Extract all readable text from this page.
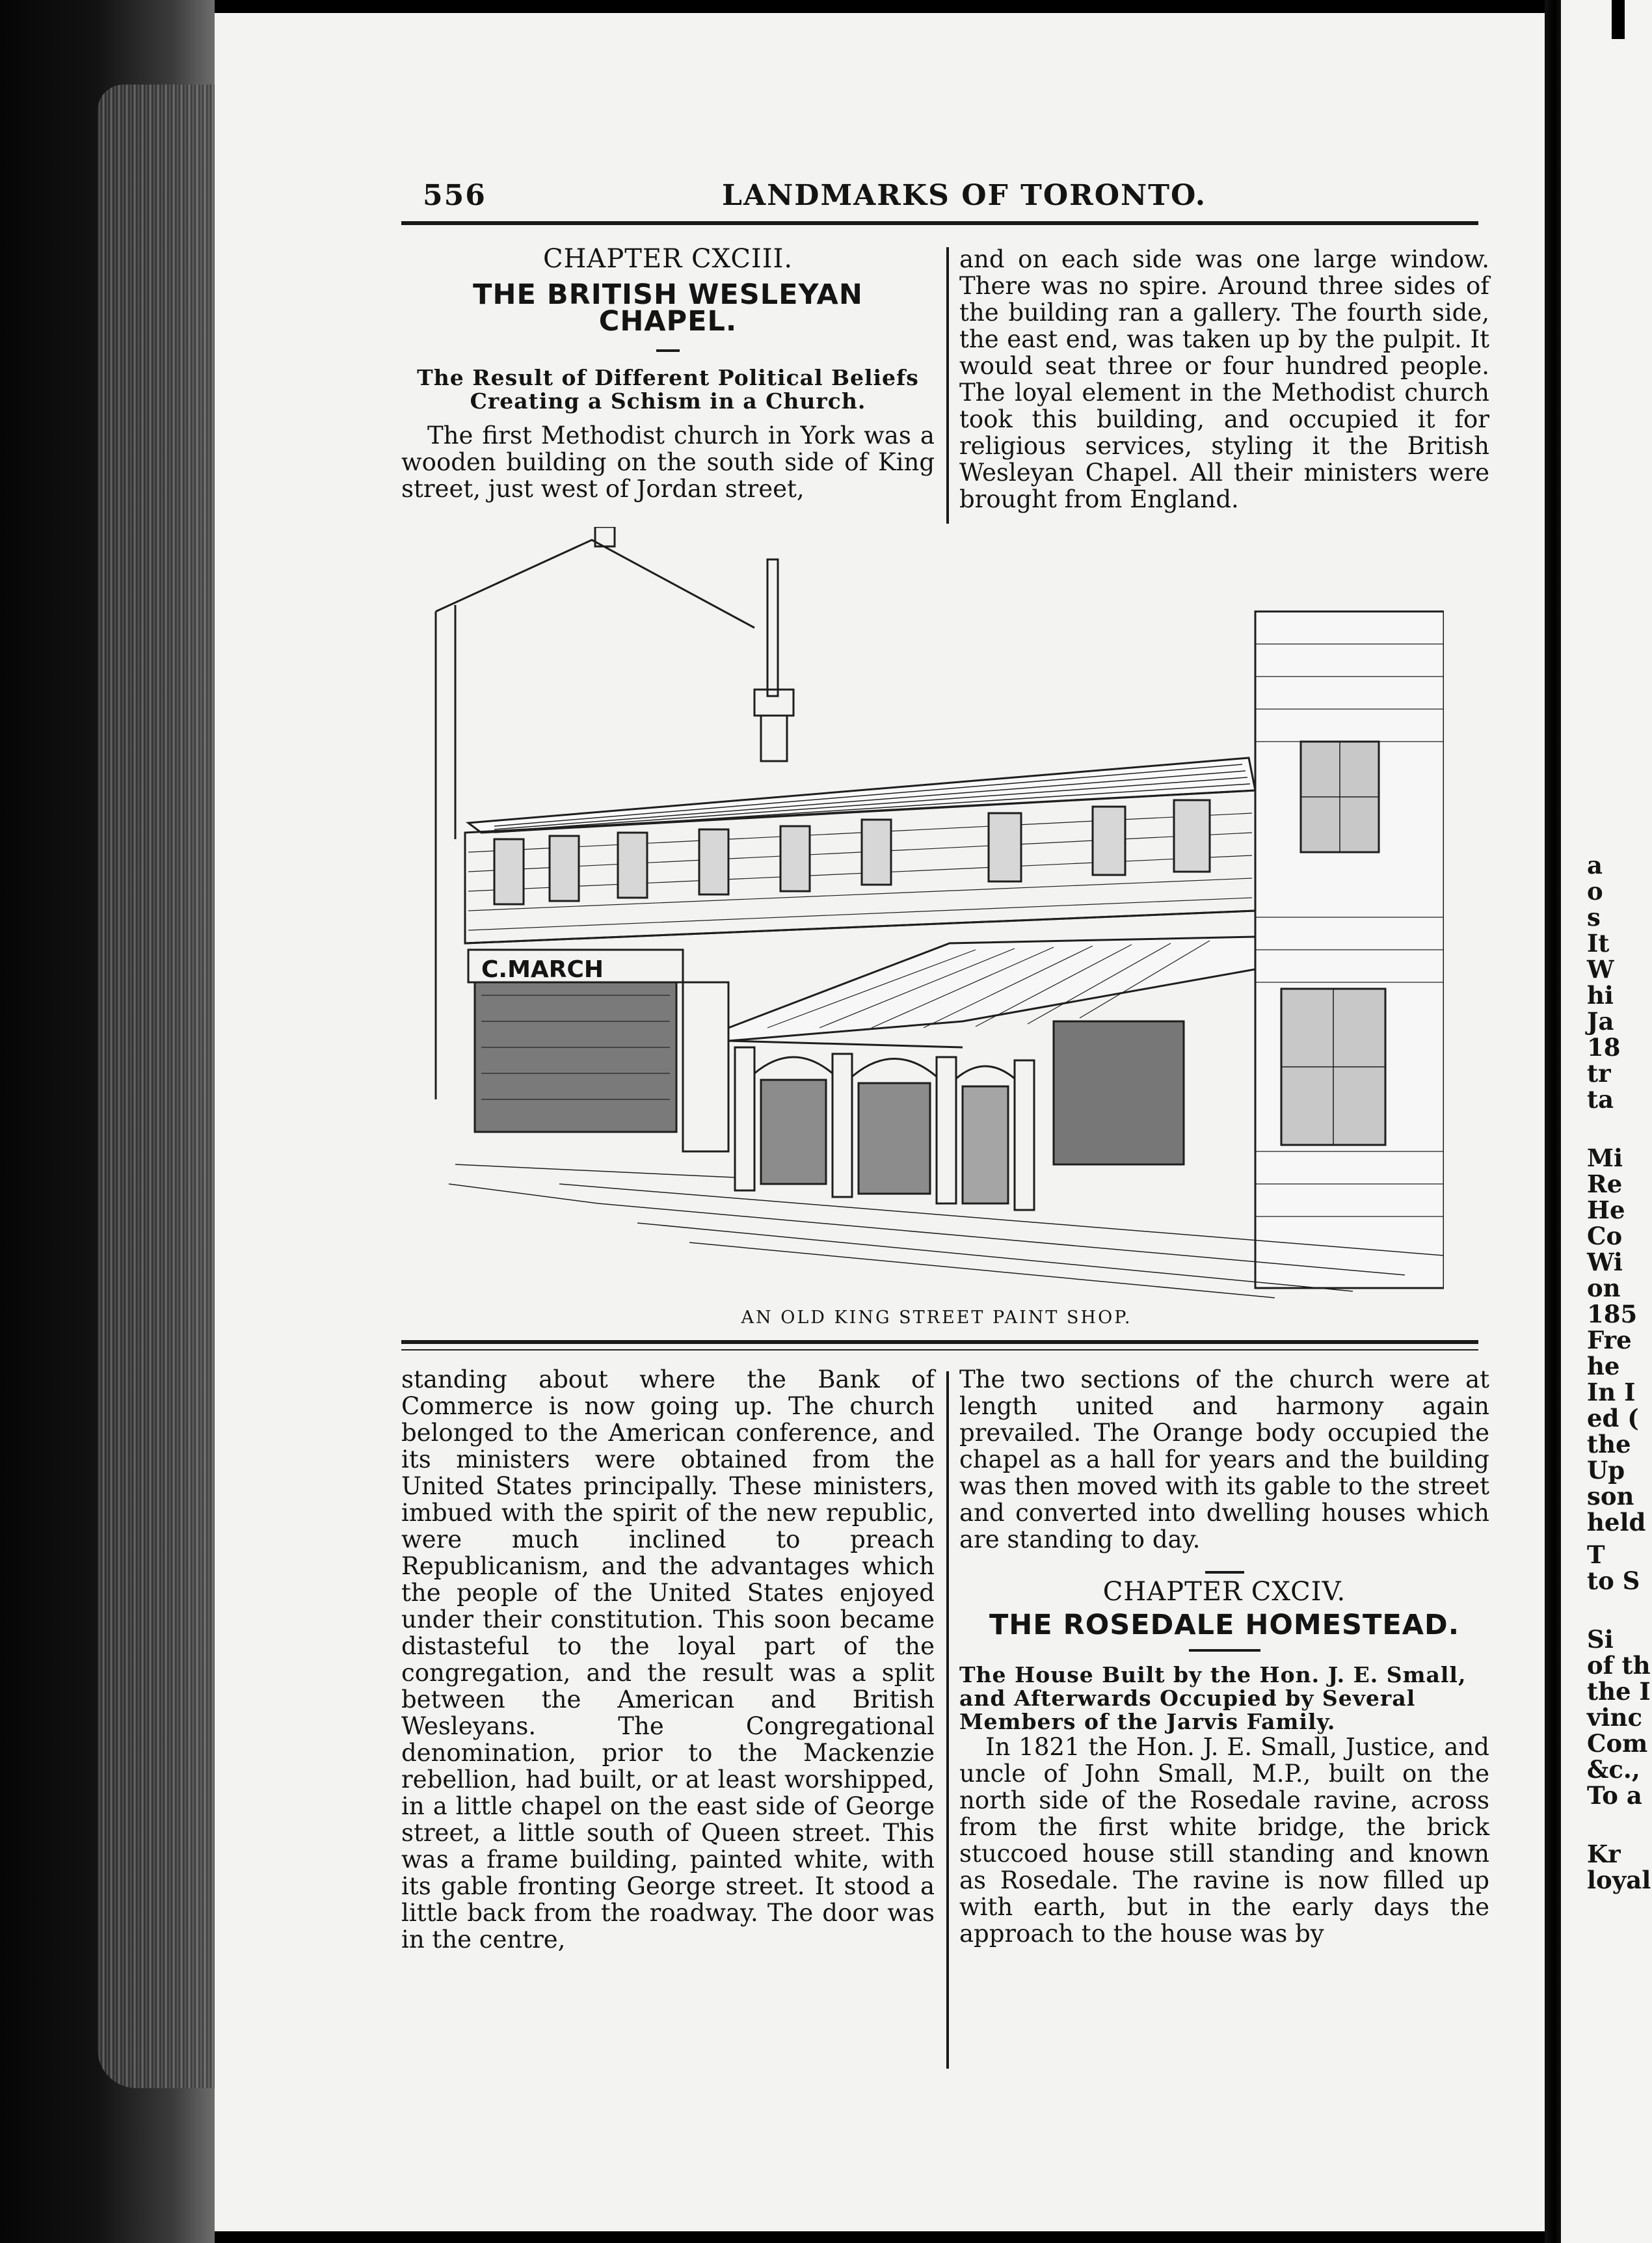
556	LANDMARKS OF TORONTO.
CHAPTER CXCIII.
THE BRITISH WESLEYAN CHAPEL.
The Result of Different Political Beliefs Creating a Schism in a Church.

The first Methodist church in York was a wooden building on the south side of King street, just west of Jordan street,

and on each side was one large window. There was no spire. Around three sides of the building ran a gallery. The fourth side, the east end, was taken up by the pulpit. It would seat three or four hundred people. The loyal element in the Methodist church took this building, and occupied it for religious services, styling it the British Wesleyan Chapel. All their ministers were brought from England.

C.MARCH
AN OLD KING STREET PAINT SHOP.

standing about where the Bank of Commerce is now going up. The church belonged to the American conference, and its ministers were obtained from the United States principally. These ministers, imbued with the spirit of the new republic, were much inclined to preach Republicanism, and the advantages which the people of the United States enjoyed under their constitution. This soon became distasteful to the loyal part of the congregation, and the result was a split between the American and British Wesleyans. The Congregational denomination, prior to the Mackenzie rebellion, had built, or at least worshipped, in a little chapel on the east side of George street, a little south of Queen street. This was a frame building, painted white, with its gable fronting George street. It stood a little back from the roadway. The door was in the centre,

The two sections of the church were at length united and harmony again prevailed. The Orange body occupied the chapel as a hall for years and the building was then moved with its gable to the street and converted into dwelling houses which are standing to day.

CHAPTER CXCIV.
THE ROSEDALE HOMESTEAD.
The House Built by the Hon. J. E. Small, and Afterwards Occupied by Several Members of the Jarvis Family.

In 1821 the Hon. J. E. Small, Justice, and uncle of John Small, M.P., built on the north side of the Rosedale ravine, across from the first white bridge, the brick stuccoed house still standing and known as Rosedale. The ravine is now filled up with earth, but in the early days the approach to the house was by

a
o
s
It
W
hi
Ja
18
tr
ta
Mi
Re
He
Co
Wi
on
185
Fre
he
In I
ed (
the
Up
son
held
T
to S
Si
of th
the I
vinc
Com
&c.,
To a
Kr
loyal
